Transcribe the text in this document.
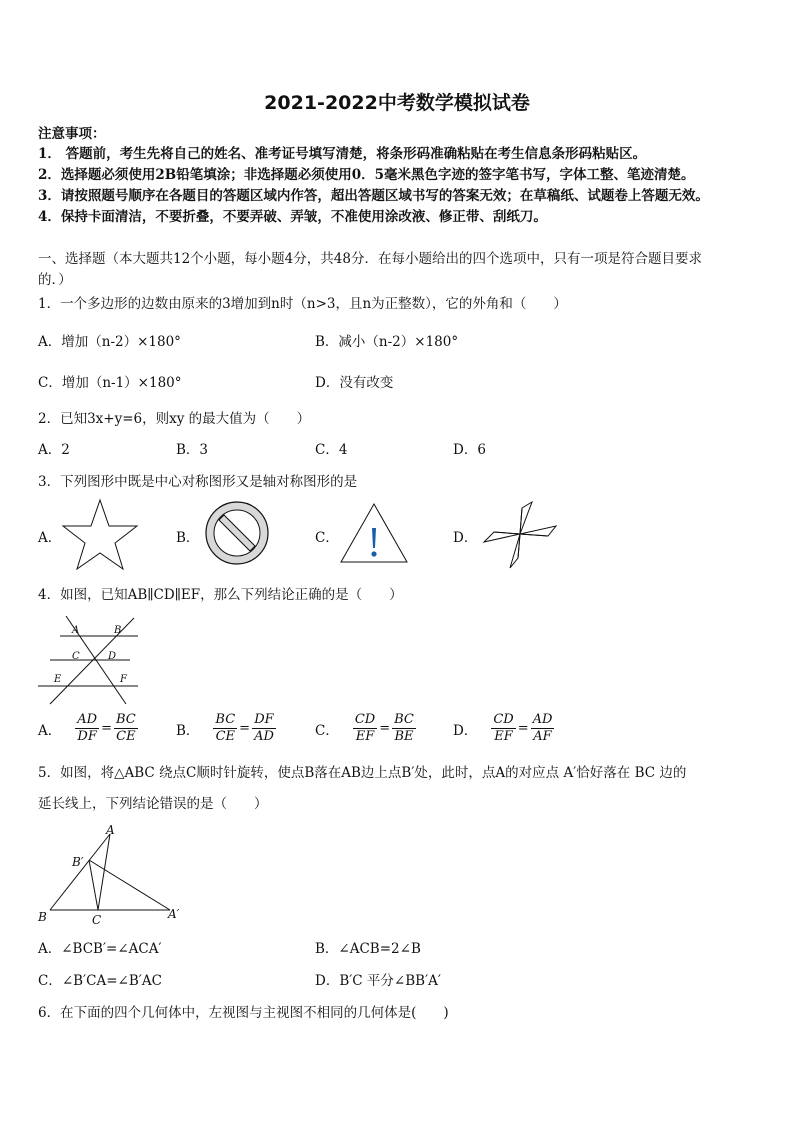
2021-2022中考数学模拟试卷
注意事项：
1． 答题前，考生先将自己的姓名、准考证号填写清楚，将条形码准确粘贴在考生信息条形码粘贴区。
2．选择题必须使用2B铅笔填涂；非选择题必须使用0．5毫米黑色字迹的签字笔书写，字体工整、笔迹清楚。
3．请按照题号顺序在各题目的答题区域内作答，超出答题区域书写的答案无效；在草稿纸、试题卷上答题无效。
4．保持卡面清洁，不要折叠，不要弄破、弄皱，不准使用涂改液、修正带、刮纸刀。
一、选择题（本大题共12个小题，每小题4分，共48分．在每小题给出的四个选项中，只有一项是符合题目要求
的．）
1．一个多边形的边数由原来的3增加到n时（n>3，且n为正整数），它的外角和（　　）
A．增加（n-2）×180°	B．减小（n-2）×180°
C．增加（n-1）×180°	D．没有改变
2．已知3x+y=6，则xy 的最大值为（　　）
A．2	B．3	C．4	D．6
3．下列图形中既是中心对称图形又是轴对称图形的是
A．	B．	C．	D．
4．如图，已知AB∥CD∥EF，那么下列结论正确的是（　　）
A	B
C	D
E	F
A． $\frac{AD}{DF} = \frac{BC}{CE}$	B． $\frac{BC}{CE} = \frac{DF}{AD}$	C． $\frac{CD}{EF} = \frac{BC}{BE}$	D． $\frac{CD}{EF} = \frac{AD}{AF}$
5．如图，将△ABC 绕点C顺时针旋转，使点B落在AB边上点B′处，此时，点A的对应点 A′恰好落在 BC 边的
延长线上，下列结论错误的是（　　）
A
B′
B	C	A′
A．∠BCB′=∠ACA′	B．∠ACB=2∠B
C．∠B′CA=∠B′AC	D．B′C 平分∠BB′A′
6．在下面的四个几何体中，左视图与主视图不相同的几何体是(　　)
